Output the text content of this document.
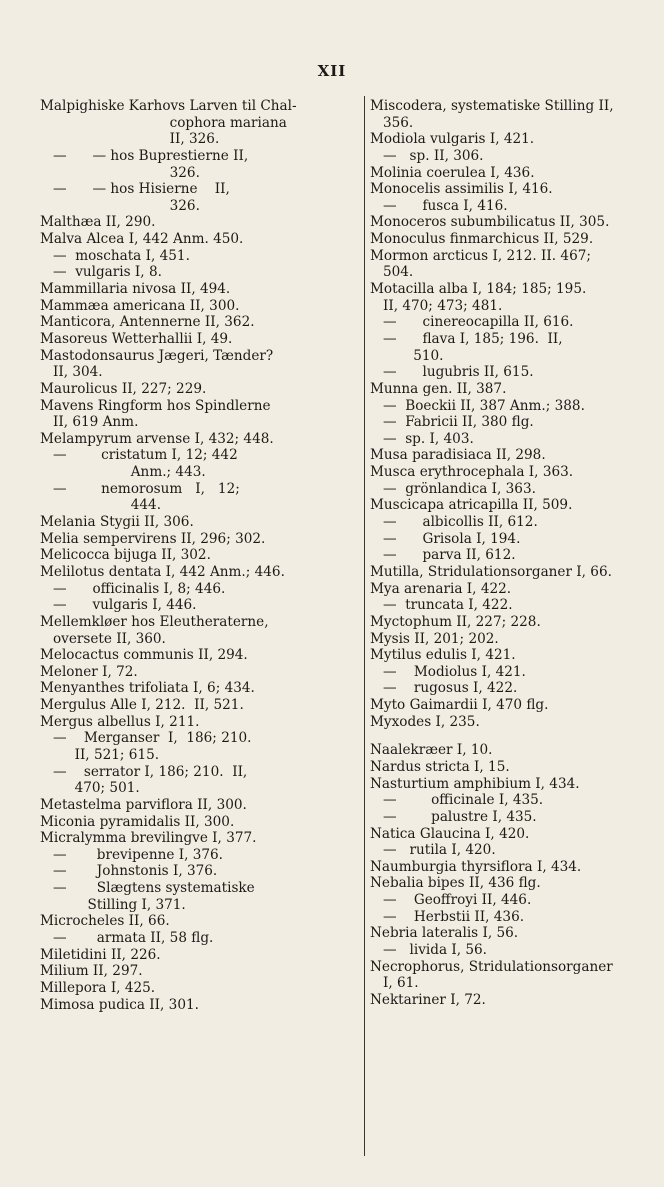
XII
Malpighiske Karhovs Larven til Chal-
cophora mariana
II, 326.
—      — hos Buprestierne II,
326.
—      — hos Hisierne    II,
326.
Malthæa II, 290.
Malva Alcea I, 442 Anm. 450.
—  moschata I, 451.
—  vulgaris I, 8.
Mammillaria nivosa II, 494.
Mammæa americana II, 300.
Manticora, Antennerne II, 362.
Masoreus Wetterhallii I, 49.
Mastodonsaurus Jægeri, Tænder?
II, 304.
Maurolicus II, 227; 229.
Mavens Ringform hos Spindlerne
II, 619 Anm.
Melampyrum arvense I, 432; 448.
—        cristatum I, 12; 442
Anm.; 443.
—        nemorosum   I,   12;
444.
Melania Stygii II, 306.
Melia sempervirens II, 296; 302.
Melicocca bijuga II, 302.
Melilotus dentata I, 442 Anm.; 446.
—      officinalis I, 8; 446.
—      vulgaris I, 446.
Mellemkløer hos Eleutheraterne,
oversete II, 360.
Melocactus communis II, 294.
Meloner I, 72.
Menyanthes trifoliata I, 6; 434.
Mergulus Alle I, 212.  II, 521.
Mergus albellus I, 211.
—    Merganser  I,  186; 210.
II, 521; 615.
—    serrator I, 186; 210.  II,
470; 501.
Metastelma parviflora II, 300.
Miconia pyramidalis II, 300.
Micralymma brevilingve I, 377.
—       brevipenne I, 376.
—       Johnstonis I, 376.
—       Slægtens systematiske
Stilling I, 371.
Microcheles II, 66.
—       armata II, 58 flg.
Miletidini II, 226.
Milium II, 297.
Millepora I, 425.
Mimosa pudica II, 301.
Miscodera, systematiske Stilling II,
356.
Modiola vulgaris I, 421.
—   sp. II, 306.
Molinia coerulea I, 436.
Monocelis assimilis I, 416.
—      fusca I, 416.
Monoceros subumbilicatus II, 305.
Monoculus finmarchicus II, 529.
Mormon arcticus I, 212. II. 467;
504.
Motacilla alba I, 184; 185; 195.
II, 470; 473; 481.
—      cinereocapilla II, 616.
—      flava I, 185; 196.  II,
510.
—      lugubris II, 615.
Munna gen. II, 387.
—  Boeckii II, 387 Anm.; 388.
—  Fabricii II, 380 flg.
—  sp. I, 403.
Musa paradisiaca II, 298.
Musca erythrocephala I, 363.
—  grönlandica I, 363.
Muscicapa atricapilla II, 509.
—      albicollis II, 612.
—      Grisola I, 194.
—      parva II, 612.
Mutilla, Stridulationsorganer I, 66.
Mya arenaria I, 422.
—  truncata I, 422.
Myctophum II, 227; 228.
Mysis II, 201; 202.
Mytilus edulis I, 421.
—    Modiolus I, 421.
—    rugosus I, 422.
Myto Gaimardii I, 470 flg.
Myxodes I, 235.
Naalekræer I, 10.
Nardus stricta I, 15.
Nasturtium amphibium I, 434.
—        officinale I, 435.
—        palustre I, 435.
Natica Glaucina I, 420.
—   rutila I, 420.
Naumburgia thyrsiflora I, 434.
Nebalia bipes II, 436 flg.
—    Geoffroyi II, 446.
—    Herbstii II, 436.
Nebria lateralis I, 56.
—   livida I, 56.
Necrophorus, Stridulationsorganer
I, 61.
Nektariner I, 72.
